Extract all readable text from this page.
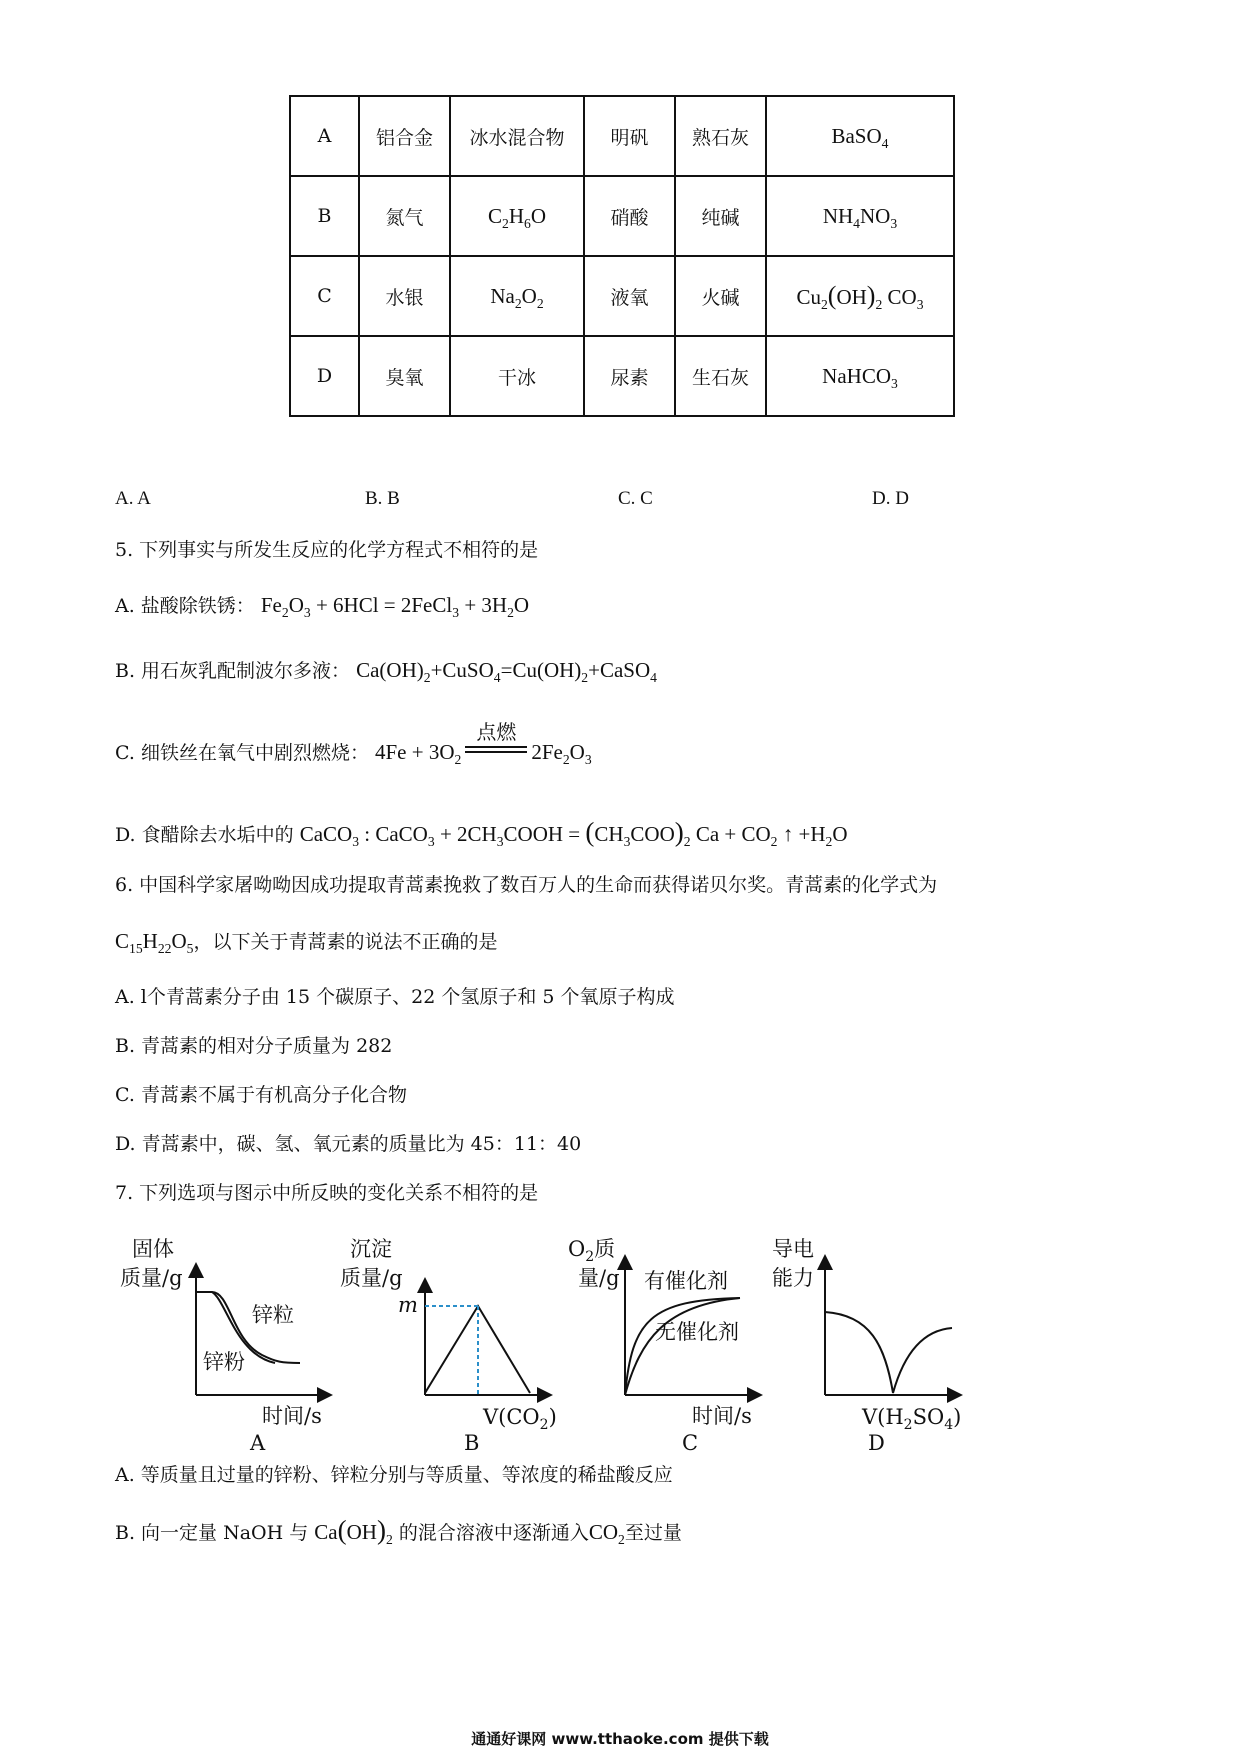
A	铝合金	冰水混合物	明矾	熟石灰	BaSO$_4$
B	氮气	$C_2H_6O$	硝酸	纯碱	$NH_4NO_3$
C	水银	$Na_2O_2$	液氧	火碱	$Cu_2(OH)_2$ $CO_3$
D	臭氧	干冰	尿素	生石灰	NaHCO$_3$
A. A	B. B	C. C	D. D
5. 下列事实与所发生反应的化学方程式不相符的是
A. 盐酸除铁锈： $Fe_2O_3 + 6HCl$ = 2FeCl$_3$ + $3H_2O$
B. 用石灰乳配制波尔多液： $Ca(OH)_2+CuSO_4=Cu(OH)_2+CaSO_4$
C. 细铁丝在氧气中剧烈燃烧： $4Fe + 3O_2$
点燃
$2Fe_2O_3$
D. 食醋除去水垢中的 CaCO$_3$ : CaCO$_3$ + $2CH_3COOH = (CH_3COO)_2$ $Ca + CO_2$ ↑ $+H_2O$
6. 中国科学家屠呦呦因成功提取青蒿素挽救了数百万人的生命而获得诺贝尔奖。青蒿素的化学式为
$C_{15}H_{22}O_5$，以下关于青蒿素的说法不正确的是
A. l个青蒿素分子由 15 个碳原子、22 个氢原子和 5 个氧原子构成
B. 青蒿素的相对分子质量为 282
C. 青蒿素不属于有机高分子化合物
D. 青蒿素中，碳、氢、氧元素的质量比为 45：11：40
7. 下列选项与图示中所反映的变化关系不相符的是
固体
质量/g
锌粒
锌粉
时间/s
A
沉淀
质量/g
m
$V(CO_2)$
B
$O_2$质
量/g 有催化剂
无催化剂
时间/s
C
导电
能力
$V(H_2SO_4)$
D
A. 等质量且过量的锌粉、锌粒分别与等质量、等浓度的稀盐酸反应
B. 向一定量 NaOH 与 $Ca(OH)_2$ 的混合溶液中逐渐通入$CO_2$至过量
通通好课网 www.tthaoke.com 提供下载
